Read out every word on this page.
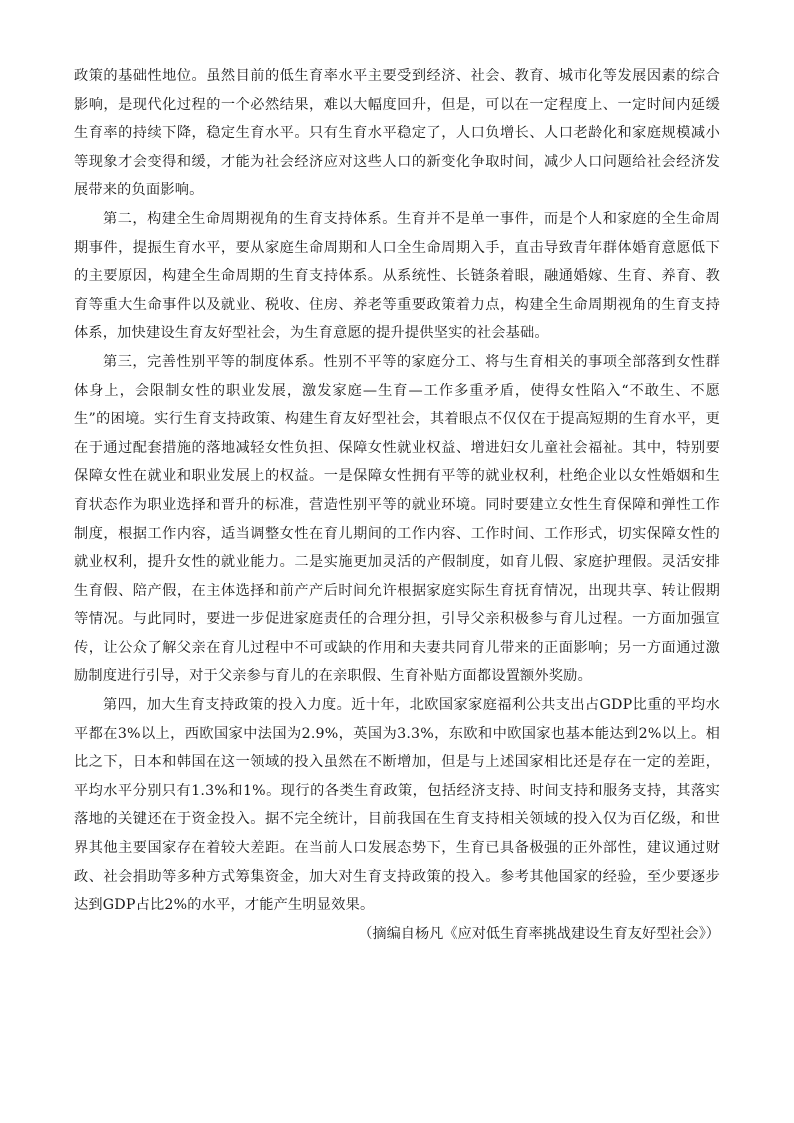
政策的基础性地位。虽然目前的低生育率水平主要受到经济、社会、教育、城市化等发展因素的综合影响，是现代化过程的一个必然结果，难以大幅度回升，但是，可以在一定程度上、一定时间内延缓生育率的持续下降，稳定生育水平。只有生育水平稳定了，人口负增长、人口老龄化和家庭规模减小等现象才会变得和缓，才能为社会经济应对这些人口的新变化争取时间，减少人口问题给社会经济发展带来的负面影响。

第二，构建全生命周期视角的生育支持体系。生育并不是单一事件，而是个人和家庭的全生命周期事件，提振生育水平，要从家庭生命周期和人口全生命周期入手，直击导致青年群体婚育意愿低下的主要原因，构建全生命周期的生育支持体系。从系统性、长链条着眼，融通婚嫁、生育、养育、教育等重大生命事件以及就业、税收、住房、养老等重要政策着力点，构建全生命周期视角的生育支持体系，加快建设生育友好型社会，为生育意愿的提升提供坚实的社会基础。

第三，完善性别平等的制度体系。性别不平等的家庭分工、将与生育相关的事项全部落到女性群体身上，会限制女性的职业发展，激发家庭—生育—工作多重矛盾，使得女性陷入“不敢生、不愿生”的困境。实行生育支持政策、构建生育友好型社会，其着眼点不仅仅在于提高短期的生育水平，更在于通过配套措施的落地减轻女性负担、保障女性就业权益、增进妇女儿童社会福祉。其中，特别要保障女性在就业和职业发展上的权益。一是保障女性拥有平等的就业权利，杜绝企业以女性婚姻和生育状态作为职业选择和晋升的标准，营造性别平等的就业环境。同时要建立女性生育保障和弹性工作制度，根据工作内容，适当调整女性在育儿期间的工作内容、工作时间、工作形式，切实保障女性的就业权利，提升女性的就业能力。二是实施更加灵活的产假制度，如育儿假、家庭护理假。灵活安排生育假、陪产假，在主体选择和前产产后时间允许根据家庭实际生育抚育情况，出现共享、转让假期等情况。与此同时，要进一步促进家庭责任的合理分担，引导父亲积极参与育儿过程。一方面加强宣传，让公众了解父亲在育儿过程中不可或缺的作用和夫妻共同育儿带来的正面影响；另一方面通过激励制度进行引导，对于父亲参与育儿的在亲职假、生育补贴方面都设置额外奖励。

第四，加大生育支持政策的投入力度。近十年，北欧国家家庭福利公共支出占GDP比重的平均水平都在3%以上，西欧国家中法国为2.9%，英国为3.3%，东欧和中欧国家也基本能达到2%以上。相比之下，日本和韩国在这一领域的投入虽然在不断增加，但是与上述国家相比还是存在一定的差距，平均水平分别只有1.3%和1%。现行的各类生育政策，包括经济支持、时间支持和服务支持，其落实落地的关键还在于资金投入。据不完全统计，目前我国在生育支持相关领域的投入仅为百亿级，和世界其他主要国家存在着较大差距。在当前人口发展态势下，生育已具备极强的正外部性，建议通过财政、社会捐助等多种方式筹集资金，加大对生育支持政策的投入。参考其他国家的经验，至少要逐步达到GDP占比2%的水平，才能产生明显效果。

（摘编自杨凡《应对低生育率挑战建设生育友好型社会》）
